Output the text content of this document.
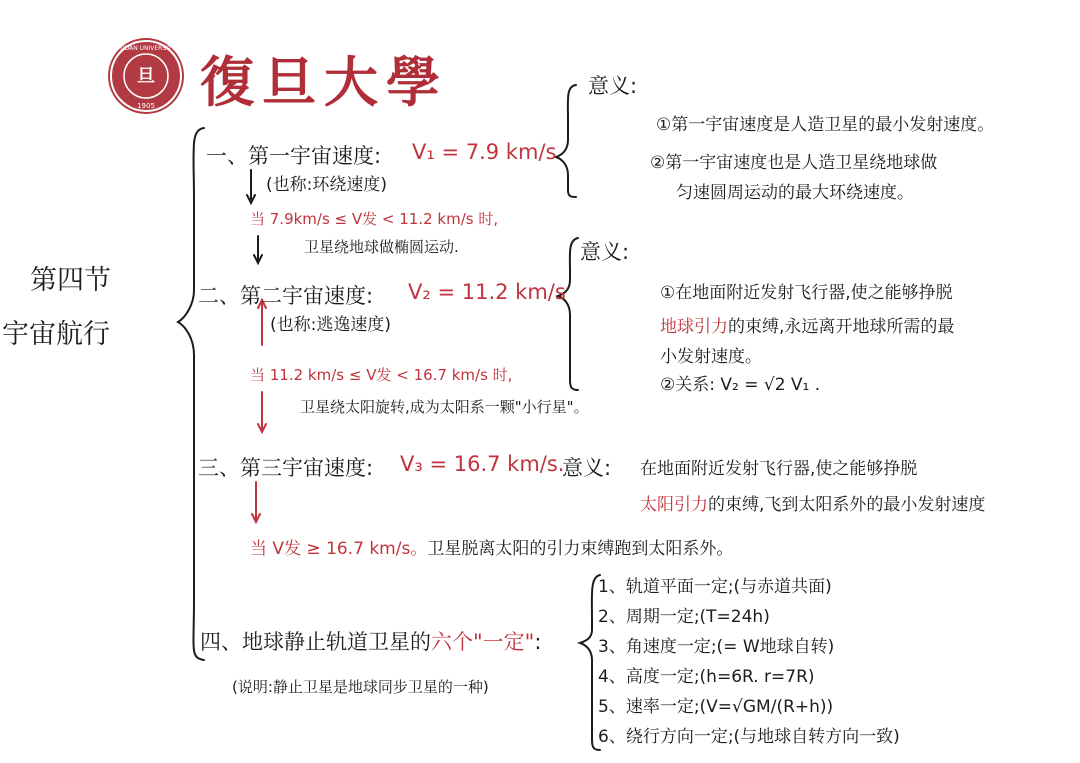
旦
1905
FUDAN UNIVERSITY
復旦大學
第四节
宇宙航行
一、第一宇宙速度: V₁ = 7.9 km/s
(也称:环绕速度)
意义:
①第一宇宙速度是人造卫星的最小发射速度。
②第一宇宙速度也是人造卫星绕地球做
匀速圆周运动的最大环绕速度。
当 7.9km/s ≤ V发 < 11.2 km/s 时,
卫星绕地球做椭圆运动.
二、第二宇宙速度: V₂ = 11.2 km/s
(也称:逃逸速度)
意义:
①在地面附近发射飞行器,使之能够挣脱
地球引力的束缚,永远离开地球所需的最
小发射速度。
②关系: V₂ = √2 V₁ .
当 11.2 km/s ≤ V发 < 16.7 km/s 时,
卫星绕太阳旋转,成为太阳系一颗"小行星"。
三、第三宇宙速度: V₃ = 16.7 km/s.
意义: 在地面附近发射飞行器,使之能够挣脱
太阳引力的束缚,飞到太阳系外的最小发射速度
当 V发 ≥ 16.7 km/s。卫星脱离太阳的引力束缚跑到太阳系外。
四、地球静止轨道卫星的六个"一定":
(说明:静止卫星是地球同步卫星的一种)
1、轨道平面一定;(与赤道共面)
2、周期一定;(T=24h)
3、角速度一定;(= W地球自转)
4、高度一定;(h=6R. r=7R)
5、速率一定;(V=√GM/(R+h))
6、绕行方向一定;(与地球自转方向一致)
